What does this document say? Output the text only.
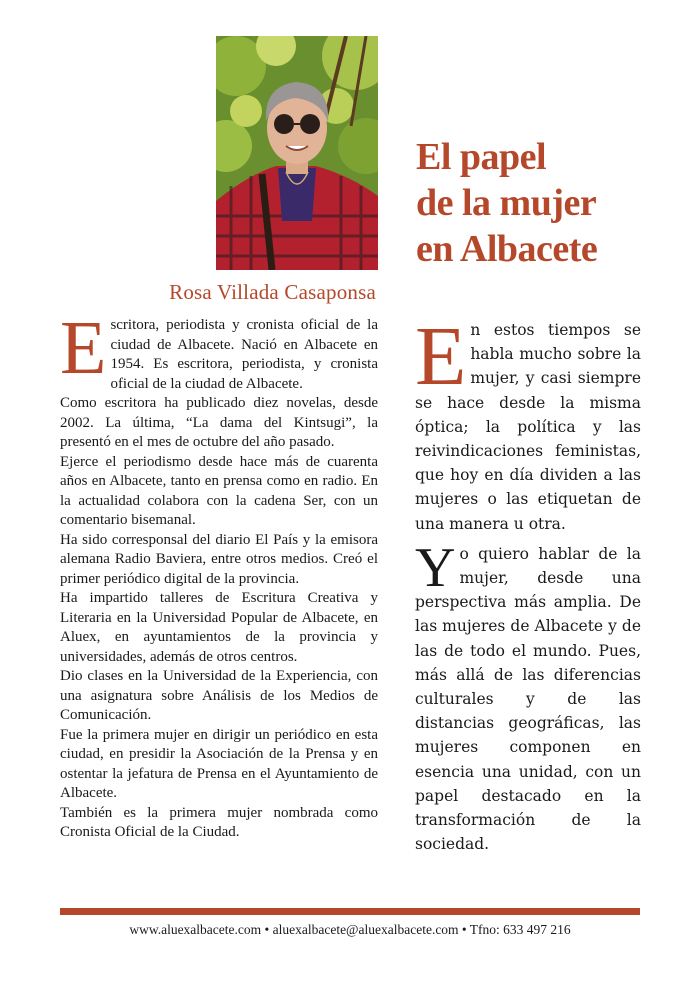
El papel
de la mujer
en Albacete
Rosa Villada Casaponsa

Escritora, periodista y cronista oficial de la ciudad de Albacete. Nació en Albacete en 1954. Es escritora, periodista, y cronista oficial de la ciudad de Albacete.

Como escritora ha publicado diez novelas, desde 2002. La última, “La dama del Kintsugi”, la presentó en el mes de octubre del año pasado.

Ejerce el periodismo desde hace más de cuarenta años en Albacete, tanto en prensa como en radio. En la actualidad colabora con la cadena Ser, con un comentario bisemanal.

Ha sido corresponsal del diario El País y la emisora alemana Radio Baviera, entre otros medios. Creó el primer periódico digital de la provincia.

Ha impartido talleres de Escritura Creativa y Literaria en la Universidad Popular de Albacete, en Aluex, en ayuntamientos de la provincia y universidades, además de otros centros.

Dio clases en la Universidad de la Experiencia, con una asignatura sobre Análisis de los Medios de Comunicación.

Fue la primera mujer en dirigir un periódico en esta ciudad, en presidir la Asociación de la Prensa y en ostentar la jefatura de Prensa en el Ayuntamiento de Albacete.

También es la primera mujer nombrada como Cronista Oficial de la Ciudad.

En estos tiempos se habla mucho sobre la mujer, y casi siempre se hace desde la misma óptica; la política y las reivindicaciones feministas, que hoy en día dividen a las mujeres o las etiquetan de una manera u otra.

Yo quiero hablar de la mujer, desde una perspectiva más amplia. De las mujeres de Albacete y de las de todo el mundo. Pues, más allá de las diferencias culturales y de las distancias geográficas, las mujeres componen en esencia una unidad, con un papel destacado en la transformación de la sociedad.

www.aluexalbacete.com • aluexalbacete@aluexalbacete.com • Tfno: 633 497 216
